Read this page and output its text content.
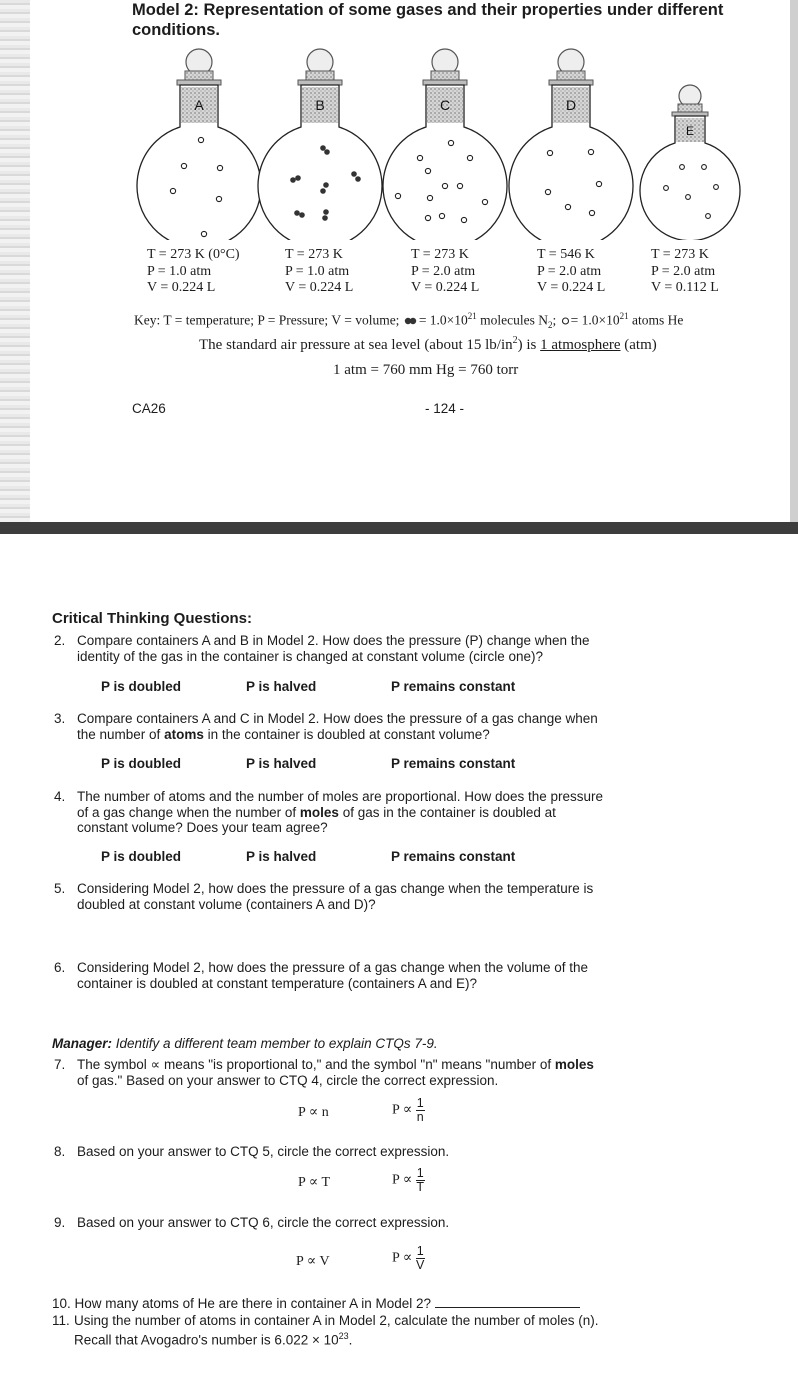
Model 2: Representation of some gases and their properties under different
conditions.
A	B	C	D
E
T = 273 K (0°C)
P = 1.0 atm
V = 0.224 L
T = 273 K
P = 1.0 atm
V = 0.224 L
T = 273 K
P = 2.0 atm
V = 0.224 L
T = 546 K
P = 2.0 atm
V = 0.224 L
T = 273 K
P = 2.0 atm
V = 0.112 L
Key: T = temperature; P = Pressure; V = volume; = $1.0\times 10^{21}$ molecules $N_2$; = $1.0\times 10^{21}$ atoms He
The standard air pressure at sea level (about 15 $lb/in^2$) is 1 atmosphere (atm)
1 atm = 760 mm Hg = 760 torr
CA26	- 124 -
Critical Thinking Questions:
2. Compare containers A and B in Model 2. How does the pressure (P) change when the
identity of the gas in the container is changed at constant volume (circle one)?
P is doubled	P is halved	P remains constant
3. Compare containers A and C in Model 2. How does the pressure of a gas change when
the number of atoms in the container is doubled at constant volume?
P is doubled	P is halved	P remains constant
4. The number of atoms and the number of moles are proportional. How does the pressure
of a gas change when the number of moles of gas in the container is doubled at
constant volume? Does your team agree?
P is doubled	P is halved	P remains constant
5. Considering Model 2, how does the pressure of a gas change when the temperature is
doubled at constant volume (containers A and D)?
6. Considering Model 2, how does the pressure of a gas change when the volume of the
container is doubled at constant temperature (containers A and E)?
Manager: Identify a different team member to explain CTQs 7-9.
7. The symbol ∝ means "is proportional to," and the symbol "n" means "number of moles
of gas." Based on your answer to CTQ 4, circle the correct expression.
P ∝ n	$P \propto \frac{1}{n}$
8. Based on your answer to CTQ 5, circle the correct expression.
P ∝ T	$P \propto \frac{1}{T}$
9. Based on your answer to CTQ 6, circle the correct expression.
P ∝ V	$P \propto \frac{1}{V}$
10. How many atoms of He are there in container A in Model 2?
11. Using the number of atoms in container A in Model 2, calculate the number of moles (n).
Recall that Avogadro's number is $6.022 \times 10^{23}$.
